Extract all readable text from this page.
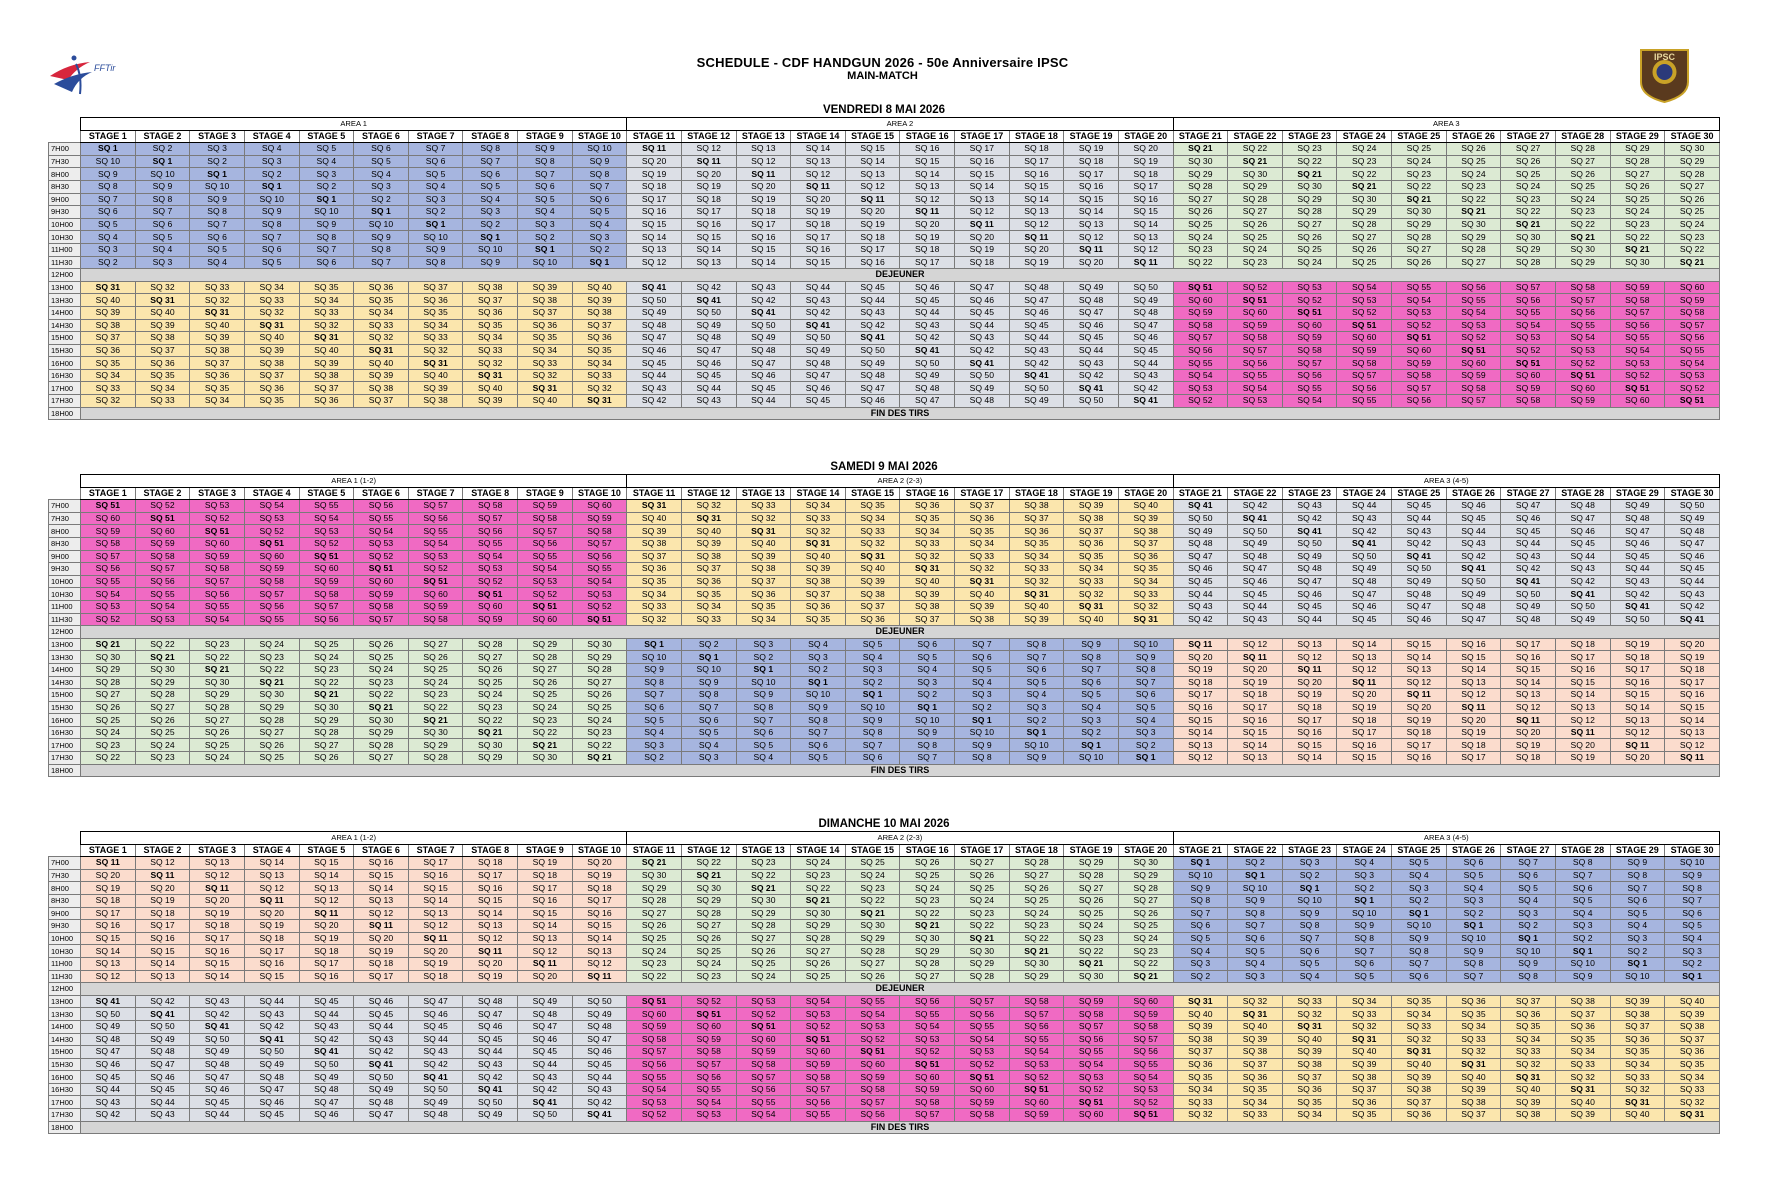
SCHEDULE - CDF HANDGUN 2026 - 50e Anniversaire IPSC
MAIN-MATCH
FFTir
IPSC
VENDREDI 8 MAI 2026
	AREA 1										AREA 2										AREA 3									
	STAGE 1	STAGE 2	STAGE 3	STAGE 4	STAGE 5	STAGE 6	STAGE 7	STAGE 8	STAGE 9	STAGE 10	STAGE 11	STAGE 12	STAGE 13	STAGE 14	STAGE 15	STAGE 16	STAGE 17	STAGE 18	STAGE 19	STAGE 20	STAGE 21	STAGE 22	STAGE 23	STAGE 24	STAGE 25	STAGE 26	STAGE 27	STAGE 28	STAGE 29	STAGE 30
7H00	SQ 1	SQ 2	SQ 3	SQ 4	SQ 5	SQ 6	SQ 7	SQ 8	SQ 9	SQ 10	SQ 11	SQ 12	SQ 13	SQ 14	SQ 15	SQ 16	SQ 17	SQ 18	SQ 19	SQ 20	SQ 21	SQ 22	SQ 23	SQ 24	SQ 25	SQ 26	SQ 27	SQ 28	SQ 29	SQ 30
7H30	SQ 10	SQ 1	SQ 2	SQ 3	SQ 4	SQ 5	SQ 6	SQ 7	SQ 8	SQ 9	SQ 20	SQ 11	SQ 12	SQ 13	SQ 14	SQ 15	SQ 16	SQ 17	SQ 18	SQ 19	SQ 30	SQ 21	SQ 22	SQ 23	SQ 24	SQ 25	SQ 26	SQ 27	SQ 28	SQ 29
8H00	SQ 9	SQ 10	SQ 1	SQ 2	SQ 3	SQ 4	SQ 5	SQ 6	SQ 7	SQ 8	SQ 19	SQ 20	SQ 11	SQ 12	SQ 13	SQ 14	SQ 15	SQ 16	SQ 17	SQ 18	SQ 29	SQ 30	SQ 21	SQ 22	SQ 23	SQ 24	SQ 25	SQ 26	SQ 27	SQ 28
8H30	SQ 8	SQ 9	SQ 10	SQ 1	SQ 2	SQ 3	SQ 4	SQ 5	SQ 6	SQ 7	SQ 18	SQ 19	SQ 20	SQ 11	SQ 12	SQ 13	SQ 14	SQ 15	SQ 16	SQ 17	SQ 28	SQ 29	SQ 30	SQ 21	SQ 22	SQ 23	SQ 24	SQ 25	SQ 26	SQ 27
9H00	SQ 7	SQ 8	SQ 9	SQ 10	SQ 1	SQ 2	SQ 3	SQ 4	SQ 5	SQ 6	SQ 17	SQ 18	SQ 19	SQ 20	SQ 11	SQ 12	SQ 13	SQ 14	SQ 15	SQ 16	SQ 27	SQ 28	SQ 29	SQ 30	SQ 21	SQ 22	SQ 23	SQ 24	SQ 25	SQ 26
9H30	SQ 6	SQ 7	SQ 8	SQ 9	SQ 10	SQ 1	SQ 2	SQ 3	SQ 4	SQ 5	SQ 16	SQ 17	SQ 18	SQ 19	SQ 20	SQ 11	SQ 12	SQ 13	SQ 14	SQ 15	SQ 26	SQ 27	SQ 28	SQ 29	SQ 30	SQ 21	SQ 22	SQ 23	SQ 24	SQ 25
10H00	SQ 5	SQ 6	SQ 7	SQ 8	SQ 9	SQ 10	SQ 1	SQ 2	SQ 3	SQ 4	SQ 15	SQ 16	SQ 17	SQ 18	SQ 19	SQ 20	SQ 11	SQ 12	SQ 13	SQ 14	SQ 25	SQ 26	SQ 27	SQ 28	SQ 29	SQ 30	SQ 21	SQ 22	SQ 23	SQ 24
10H30	SQ 4	SQ 5	SQ 6	SQ 7	SQ 8	SQ 9	SQ 10	SQ 1	SQ 2	SQ 3	SQ 14	SQ 15	SQ 16	SQ 17	SQ 18	SQ 19	SQ 20	SQ 11	SQ 12	SQ 13	SQ 24	SQ 25	SQ 26	SQ 27	SQ 28	SQ 29	SQ 30	SQ 21	SQ 22	SQ 23
11H00	SQ 3	SQ 4	SQ 5	SQ 6	SQ 7	SQ 8	SQ 9	SQ 10	SQ 1	SQ 2	SQ 13	SQ 14	SQ 15	SQ 16	SQ 17	SQ 18	SQ 19	SQ 20	SQ 11	SQ 12	SQ 23	SQ 24	SQ 25	SQ 26	SQ 27	SQ 28	SQ 29	SQ 30	SQ 21	SQ 22
11H30	SQ 2	SQ 3	SQ 4	SQ 5	SQ 6	SQ 7	SQ 8	SQ 9	SQ 10	SQ 1	SQ 12	SQ 13	SQ 14	SQ 15	SQ 16	SQ 17	SQ 18	SQ 19	SQ 20	SQ 11	SQ 22	SQ 23	SQ 24	SQ 25	SQ 26	SQ 27	SQ 28	SQ 29	SQ 30	SQ 21
12H00	DEJEUNER																													
13H00	SQ 31	SQ 32	SQ 33	SQ 34	SQ 35	SQ 36	SQ 37	SQ 38	SQ 39	SQ 40	SQ 41	SQ 42	SQ 43	SQ 44	SQ 45	SQ 46	SQ 47	SQ 48	SQ 49	SQ 50	SQ 51	SQ 52	SQ 53	SQ 54	SQ 55	SQ 56	SQ 57	SQ 58	SQ 59	SQ 60
13H30	SQ 40	SQ 31	SQ 32	SQ 33	SQ 34	SQ 35	SQ 36	SQ 37	SQ 38	SQ 39	SQ 50	SQ 41	SQ 42	SQ 43	SQ 44	SQ 45	SQ 46	SQ 47	SQ 48	SQ 49	SQ 60	SQ 51	SQ 52	SQ 53	SQ 54	SQ 55	SQ 56	SQ 57	SQ 58	SQ 59
14H00	SQ 39	SQ 40	SQ 31	SQ 32	SQ 33	SQ 34	SQ 35	SQ 36	SQ 37	SQ 38	SQ 49	SQ 50	SQ 41	SQ 42	SQ 43	SQ 44	SQ 45	SQ 46	SQ 47	SQ 48	SQ 59	SQ 60	SQ 51	SQ 52	SQ 53	SQ 54	SQ 55	SQ 56	SQ 57	SQ 58
14H30	SQ 38	SQ 39	SQ 40	SQ 31	SQ 32	SQ 33	SQ 34	SQ 35	SQ 36	SQ 37	SQ 48	SQ 49	SQ 50	SQ 41	SQ 42	SQ 43	SQ 44	SQ 45	SQ 46	SQ 47	SQ 58	SQ 59	SQ 60	SQ 51	SQ 52	SQ 53	SQ 54	SQ 55	SQ 56	SQ 57
15H00	SQ 37	SQ 38	SQ 39	SQ 40	SQ 31	SQ 32	SQ 33	SQ 34	SQ 35	SQ 36	SQ 47	SQ 48	SQ 49	SQ 50	SQ 41	SQ 42	SQ 43	SQ 44	SQ 45	SQ 46	SQ 57	SQ 58	SQ 59	SQ 60	SQ 51	SQ 52	SQ 53	SQ 54	SQ 55	SQ 56
15H30	SQ 36	SQ 37	SQ 38	SQ 39	SQ 40	SQ 31	SQ 32	SQ 33	SQ 34	SQ 35	SQ 46	SQ 47	SQ 48	SQ 49	SQ 50	SQ 41	SQ 42	SQ 43	SQ 44	SQ 45	SQ 56	SQ 57	SQ 58	SQ 59	SQ 60	SQ 51	SQ 52	SQ 53	SQ 54	SQ 55
16H00	SQ 35	SQ 36	SQ 37	SQ 38	SQ 39	SQ 40	SQ 31	SQ 32	SQ 33	SQ 34	SQ 45	SQ 46	SQ 47	SQ 48	SQ 49	SQ 50	SQ 41	SQ 42	SQ 43	SQ 44	SQ 55	SQ 56	SQ 57	SQ 58	SQ 59	SQ 60	SQ 51	SQ 52	SQ 53	SQ 54
16H30	SQ 34	SQ 35	SQ 36	SQ 37	SQ 38	SQ 39	SQ 40	SQ 31	SQ 32	SQ 33	SQ 44	SQ 45	SQ 46	SQ 47	SQ 48	SQ 49	SQ 50	SQ 41	SQ 42	SQ 43	SQ 54	SQ 55	SQ 56	SQ 57	SQ 58	SQ 59	SQ 60	SQ 51	SQ 52	SQ 53
17H00	SQ 33	SQ 34	SQ 35	SQ 36	SQ 37	SQ 38	SQ 39	SQ 40	SQ 31	SQ 32	SQ 43	SQ 44	SQ 45	SQ 46	SQ 47	SQ 48	SQ 49	SQ 50	SQ 41	SQ 42	SQ 53	SQ 54	SQ 55	SQ 56	SQ 57	SQ 58	SQ 59	SQ 60	SQ 51	SQ 52
17H30	SQ 32	SQ 33	SQ 34	SQ 35	SQ 36	SQ 37	SQ 38	SQ 39	SQ 40	SQ 31	SQ 42	SQ 43	SQ 44	SQ 45	SQ 46	SQ 47	SQ 48	SQ 49	SQ 50	SQ 41	SQ 52	SQ 53	SQ 54	SQ 55	SQ 56	SQ 57	SQ 58	SQ 59	SQ 60	SQ 51
18H00	FIN DES TIRS																													
SAMEDI 9 MAI 2026
	AREA 1 (1-2)										AREA 2 (2-3)										AREA 3 (4-5)									
	STAGE 1	STAGE 2	STAGE 3	STAGE 4	STAGE 5	STAGE 6	STAGE 7	STAGE 8	STAGE 9	STAGE 10	STAGE 11	STAGE 12	STAGE 13	STAGE 14	STAGE 15	STAGE 16	STAGE 17	STAGE 18	STAGE 19	STAGE 20	STAGE 21	STAGE 22	STAGE 23	STAGE 24	STAGE 25	STAGE 26	STAGE 27	STAGE 28	STAGE 29	STAGE 30
7H00	SQ 51	SQ 52	SQ 53	SQ 54	SQ 55	SQ 56	SQ 57	SQ 58	SQ 59	SQ 60	SQ 31	SQ 32	SQ 33	SQ 34	SQ 35	SQ 36	SQ 37	SQ 38	SQ 39	SQ 40	SQ 41	SQ 42	SQ 43	SQ 44	SQ 45	SQ 46	SQ 47	SQ 48	SQ 49	SQ 50
7H30	SQ 60	SQ 51	SQ 52	SQ 53	SQ 54	SQ 55	SQ 56	SQ 57	SQ 58	SQ 59	SQ 40	SQ 31	SQ 32	SQ 33	SQ 34	SQ 35	SQ 36	SQ 37	SQ 38	SQ 39	SQ 50	SQ 41	SQ 42	SQ 43	SQ 44	SQ 45	SQ 46	SQ 47	SQ 48	SQ 49
8H00	SQ 59	SQ 60	SQ 51	SQ 52	SQ 53	SQ 54	SQ 55	SQ 56	SQ 57	SQ 58	SQ 39	SQ 40	SQ 31	SQ 32	SQ 33	SQ 34	SQ 35	SQ 36	SQ 37	SQ 38	SQ 49	SQ 50	SQ 41	SQ 42	SQ 43	SQ 44	SQ 45	SQ 46	SQ 47	SQ 48
8H30	SQ 58	SQ 59	SQ 60	SQ 51	SQ 52	SQ 53	SQ 54	SQ 55	SQ 56	SQ 57	SQ 38	SQ 39	SQ 40	SQ 31	SQ 32	SQ 33	SQ 34	SQ 35	SQ 36	SQ 37	SQ 48	SQ 49	SQ 50	SQ 41	SQ 42	SQ 43	SQ 44	SQ 45	SQ 46	SQ 47
9H00	SQ 57	SQ 58	SQ 59	SQ 60	SQ 51	SQ 52	SQ 53	SQ 54	SQ 55	SQ 56	SQ 37	SQ 38	SQ 39	SQ 40	SQ 31	SQ 32	SQ 33	SQ 34	SQ 35	SQ 36	SQ 47	SQ 48	SQ 49	SQ 50	SQ 41	SQ 42	SQ 43	SQ 44	SQ 45	SQ 46
9H30	SQ 56	SQ 57	SQ 58	SQ 59	SQ 60	SQ 51	SQ 52	SQ 53	SQ 54	SQ 55	SQ 36	SQ 37	SQ 38	SQ 39	SQ 40	SQ 31	SQ 32	SQ 33	SQ 34	SQ 35	SQ 46	SQ 47	SQ 48	SQ 49	SQ 50	SQ 41	SQ 42	SQ 43	SQ 44	SQ 45
10H00	SQ 55	SQ 56	SQ 57	SQ 58	SQ 59	SQ 60	SQ 51	SQ 52	SQ 53	SQ 54	SQ 35	SQ 36	SQ 37	SQ 38	SQ 39	SQ 40	SQ 31	SQ 32	SQ 33	SQ 34	SQ 45	SQ 46	SQ 47	SQ 48	SQ 49	SQ 50	SQ 41	SQ 42	SQ 43	SQ 44
10H30	SQ 54	SQ 55	SQ 56	SQ 57	SQ 58	SQ 59	SQ 60	SQ 51	SQ 52	SQ 53	SQ 34	SQ 35	SQ 36	SQ 37	SQ 38	SQ 39	SQ 40	SQ 31	SQ 32	SQ 33	SQ 44	SQ 45	SQ 46	SQ 47	SQ 48	SQ 49	SQ 50	SQ 41	SQ 42	SQ 43
11H00	SQ 53	SQ 54	SQ 55	SQ 56	SQ 57	SQ 58	SQ 59	SQ 60	SQ 51	SQ 52	SQ 33	SQ 34	SQ 35	SQ 36	SQ 37	SQ 38	SQ 39	SQ 40	SQ 31	SQ 32	SQ 43	SQ 44	SQ 45	SQ 46	SQ 47	SQ 48	SQ 49	SQ 50	SQ 41	SQ 42
11H30	SQ 52	SQ 53	SQ 54	SQ 55	SQ 56	SQ 57	SQ 58	SQ 59	SQ 60	SQ 51	SQ 32	SQ 33	SQ 34	SQ 35	SQ 36	SQ 37	SQ 38	SQ 39	SQ 40	SQ 31	SQ 42	SQ 43	SQ 44	SQ 45	SQ 46	SQ 47	SQ 48	SQ 49	SQ 50	SQ 41
12H00	DEJEUNER																													
13H00	SQ 21	SQ 22	SQ 23	SQ 24	SQ 25	SQ 26	SQ 27	SQ 28	SQ 29	SQ 30	SQ 1	SQ 2	SQ 3	SQ 4	SQ 5	SQ 6	SQ 7	SQ 8	SQ 9	SQ 10	SQ 11	SQ 12	SQ 13	SQ 14	SQ 15	SQ 16	SQ 17	SQ 18	SQ 19	SQ 20
13H30	SQ 30	SQ 21	SQ 22	SQ 23	SQ 24	SQ 25	SQ 26	SQ 27	SQ 28	SQ 29	SQ 10	SQ 1	SQ 2	SQ 3	SQ 4	SQ 5	SQ 6	SQ 7	SQ 8	SQ 9	SQ 20	SQ 11	SQ 12	SQ 13	SQ 14	SQ 15	SQ 16	SQ 17	SQ 18	SQ 19
14H00	SQ 29	SQ 30	SQ 21	SQ 22	SQ 23	SQ 24	SQ 25	SQ 26	SQ 27	SQ 28	SQ 9	SQ 10	SQ 1	SQ 2	SQ 3	SQ 4	SQ 5	SQ 6	SQ 7	SQ 8	SQ 19	SQ 20	SQ 11	SQ 12	SQ 13	SQ 14	SQ 15	SQ 16	SQ 17	SQ 18
14H30	SQ 28	SQ 29	SQ 30	SQ 21	SQ 22	SQ 23	SQ 24	SQ 25	SQ 26	SQ 27	SQ 8	SQ 9	SQ 10	SQ 1	SQ 2	SQ 3	SQ 4	SQ 5	SQ 6	SQ 7	SQ 18	SQ 19	SQ 20	SQ 11	SQ 12	SQ 13	SQ 14	SQ 15	SQ 16	SQ 17
15H00	SQ 27	SQ 28	SQ 29	SQ 30	SQ 21	SQ 22	SQ 23	SQ 24	SQ 25	SQ 26	SQ 7	SQ 8	SQ 9	SQ 10	SQ 1	SQ 2	SQ 3	SQ 4	SQ 5	SQ 6	SQ 17	SQ 18	SQ 19	SQ 20	SQ 11	SQ 12	SQ 13	SQ 14	SQ 15	SQ 16
15H30	SQ 26	SQ 27	SQ 28	SQ 29	SQ 30	SQ 21	SQ 22	SQ 23	SQ 24	SQ 25	SQ 6	SQ 7	SQ 8	SQ 9	SQ 10	SQ 1	SQ 2	SQ 3	SQ 4	SQ 5	SQ 16	SQ 17	SQ 18	SQ 19	SQ 20	SQ 11	SQ 12	SQ 13	SQ 14	SQ 15
16H00	SQ 25	SQ 26	SQ 27	SQ 28	SQ 29	SQ 30	SQ 21	SQ 22	SQ 23	SQ 24	SQ 5	SQ 6	SQ 7	SQ 8	SQ 9	SQ 10	SQ 1	SQ 2	SQ 3	SQ 4	SQ 15	SQ 16	SQ 17	SQ 18	SQ 19	SQ 20	SQ 11	SQ 12	SQ 13	SQ 14
16H30	SQ 24	SQ 25	SQ 26	SQ 27	SQ 28	SQ 29	SQ 30	SQ 21	SQ 22	SQ 23	SQ 4	SQ 5	SQ 6	SQ 7	SQ 8	SQ 9	SQ 10	SQ 1	SQ 2	SQ 3	SQ 14	SQ 15	SQ 16	SQ 17	SQ 18	SQ 19	SQ 20	SQ 11	SQ 12	SQ 13
17H00	SQ 23	SQ 24	SQ 25	SQ 26	SQ 27	SQ 28	SQ 29	SQ 30	SQ 21	SQ 22	SQ 3	SQ 4	SQ 5	SQ 6	SQ 7	SQ 8	SQ 9	SQ 10	SQ 1	SQ 2	SQ 13	SQ 14	SQ 15	SQ 16	SQ 17	SQ 18	SQ 19	SQ 20	SQ 11	SQ 12
17H30	SQ 22	SQ 23	SQ 24	SQ 25	SQ 26	SQ 27	SQ 28	SQ 29	SQ 30	SQ 21	SQ 2	SQ 3	SQ 4	SQ 5	SQ 6	SQ 7	SQ 8	SQ 9	SQ 10	SQ 1	SQ 12	SQ 13	SQ 14	SQ 15	SQ 16	SQ 17	SQ 18	SQ 19	SQ 20	SQ 11
18H00	FIN DES TIRS																													
DIMANCHE 10 MAI 2026
	AREA 1 (1-2)										AREA 2 (2-3)										AREA 3 (4-5)									
	STAGE 1	STAGE 2	STAGE 3	STAGE 4	STAGE 5	STAGE 6	STAGE 7	STAGE 8	STAGE 9	STAGE 10	STAGE 11	STAGE 12	STAGE 13	STAGE 14	STAGE 15	STAGE 16	STAGE 17	STAGE 18	STAGE 19	STAGE 20	STAGE 21	STAGE 22	STAGE 23	STAGE 24	STAGE 25	STAGE 26	STAGE 27	STAGE 28	STAGE 29	STAGE 30
7H00	SQ 11	SQ 12	SQ 13	SQ 14	SQ 15	SQ 16	SQ 17	SQ 18	SQ 19	SQ 20	SQ 21	SQ 22	SQ 23	SQ 24	SQ 25	SQ 26	SQ 27	SQ 28	SQ 29	SQ 30	SQ 1	SQ 2	SQ 3	SQ 4	SQ 5	SQ 6	SQ 7	SQ 8	SQ 9	SQ 10
7H30	SQ 20	SQ 11	SQ 12	SQ 13	SQ 14	SQ 15	SQ 16	SQ 17	SQ 18	SQ 19	SQ 30	SQ 21	SQ 22	SQ 23	SQ 24	SQ 25	SQ 26	SQ 27	SQ 28	SQ 29	SQ 10	SQ 1	SQ 2	SQ 3	SQ 4	SQ 5	SQ 6	SQ 7	SQ 8	SQ 9
8H00	SQ 19	SQ 20	SQ 11	SQ 12	SQ 13	SQ 14	SQ 15	SQ 16	SQ 17	SQ 18	SQ 29	SQ 30	SQ 21	SQ 22	SQ 23	SQ 24	SQ 25	SQ 26	SQ 27	SQ 28	SQ 9	SQ 10	SQ 1	SQ 2	SQ 3	SQ 4	SQ 5	SQ 6	SQ 7	SQ 8
8H30	SQ 18	SQ 19	SQ 20	SQ 11	SQ 12	SQ 13	SQ 14	SQ 15	SQ 16	SQ 17	SQ 28	SQ 29	SQ 30	SQ 21	SQ 22	SQ 23	SQ 24	SQ 25	SQ 26	SQ 27	SQ 8	SQ 9	SQ 10	SQ 1	SQ 2	SQ 3	SQ 4	SQ 5	SQ 6	SQ 7
9H00	SQ 17	SQ 18	SQ 19	SQ 20	SQ 11	SQ 12	SQ 13	SQ 14	SQ 15	SQ 16	SQ 27	SQ 28	SQ 29	SQ 30	SQ 21	SQ 22	SQ 23	SQ 24	SQ 25	SQ 26	SQ 7	SQ 8	SQ 9	SQ 10	SQ 1	SQ 2	SQ 3	SQ 4	SQ 5	SQ 6
9H30	SQ 16	SQ 17	SQ 18	SQ 19	SQ 20	SQ 11	SQ 12	SQ 13	SQ 14	SQ 15	SQ 26	SQ 27	SQ 28	SQ 29	SQ 30	SQ 21	SQ 22	SQ 23	SQ 24	SQ 25	SQ 6	SQ 7	SQ 8	SQ 9	SQ 10	SQ 1	SQ 2	SQ 3	SQ 4	SQ 5
10H00	SQ 15	SQ 16	SQ 17	SQ 18	SQ 19	SQ 20	SQ 11	SQ 12	SQ 13	SQ 14	SQ 25	SQ 26	SQ 27	SQ 28	SQ 29	SQ 30	SQ 21	SQ 22	SQ 23	SQ 24	SQ 5	SQ 6	SQ 7	SQ 8	SQ 9	SQ 10	SQ 1	SQ 2	SQ 3	SQ 4
10H30	SQ 14	SQ 15	SQ 16	SQ 17	SQ 18	SQ 19	SQ 20	SQ 11	SQ 12	SQ 13	SQ 24	SQ 25	SQ 26	SQ 27	SQ 28	SQ 29	SQ 30	SQ 21	SQ 22	SQ 23	SQ 4	SQ 5	SQ 6	SQ 7	SQ 8	SQ 9	SQ 10	SQ 1	SQ 2	SQ 3
11H00	SQ 13	SQ 14	SQ 15	SQ 16	SQ 17	SQ 18	SQ 19	SQ 20	SQ 11	SQ 12	SQ 23	SQ 24	SQ 25	SQ 26	SQ 27	SQ 28	SQ 29	SQ 30	SQ 21	SQ 22	SQ 3	SQ 4	SQ 5	SQ 6	SQ 7	SQ 8	SQ 9	SQ 10	SQ 1	SQ 2
11H30	SQ 12	SQ 13	SQ 14	SQ 15	SQ 16	SQ 17	SQ 18	SQ 19	SQ 20	SQ 11	SQ 22	SQ 23	SQ 24	SQ 25	SQ 26	SQ 27	SQ 28	SQ 29	SQ 30	SQ 21	SQ 2	SQ 3	SQ 4	SQ 5	SQ 6	SQ 7	SQ 8	SQ 9	SQ 10	SQ 1
12H00	DEJEUNER																													
13H00	SQ 41	SQ 42	SQ 43	SQ 44	SQ 45	SQ 46	SQ 47	SQ 48	SQ 49	SQ 50	SQ 51	SQ 52	SQ 53	SQ 54	SQ 55	SQ 56	SQ 57	SQ 58	SQ 59	SQ 60	SQ 31	SQ 32	SQ 33	SQ 34	SQ 35	SQ 36	SQ 37	SQ 38	SQ 39	SQ 40
13H30	SQ 50	SQ 41	SQ 42	SQ 43	SQ 44	SQ 45	SQ 46	SQ 47	SQ 48	SQ 49	SQ 60	SQ 51	SQ 52	SQ 53	SQ 54	SQ 55	SQ 56	SQ 57	SQ 58	SQ 59	SQ 40	SQ 31	SQ 32	SQ 33	SQ 34	SQ 35	SQ 36	SQ 37	SQ 38	SQ 39
14H00	SQ 49	SQ 50	SQ 41	SQ 42	SQ 43	SQ 44	SQ 45	SQ 46	SQ 47	SQ 48	SQ 59	SQ 60	SQ 51	SQ 52	SQ 53	SQ 54	SQ 55	SQ 56	SQ 57	SQ 58	SQ 39	SQ 40	SQ 31	SQ 32	SQ 33	SQ 34	SQ 35	SQ 36	SQ 37	SQ 38
14H30	SQ 48	SQ 49	SQ 50	SQ 41	SQ 42	SQ 43	SQ 44	SQ 45	SQ 46	SQ 47	SQ 58	SQ 59	SQ 60	SQ 51	SQ 52	SQ 53	SQ 54	SQ 55	SQ 56	SQ 57	SQ 38	SQ 39	SQ 40	SQ 31	SQ 32	SQ 33	SQ 34	SQ 35	SQ 36	SQ 37
15H00	SQ 47	SQ 48	SQ 49	SQ 50	SQ 41	SQ 42	SQ 43	SQ 44	SQ 45	SQ 46	SQ 57	SQ 58	SQ 59	SQ 60	SQ 51	SQ 52	SQ 53	SQ 54	SQ 55	SQ 56	SQ 37	SQ 38	SQ 39	SQ 40	SQ 31	SQ 32	SQ 33	SQ 34	SQ 35	SQ 36
15H30	SQ 46	SQ 47	SQ 48	SQ 49	SQ 50	SQ 41	SQ 42	SQ 43	SQ 44	SQ 45	SQ 56	SQ 57	SQ 58	SQ 59	SQ 60	SQ 51	SQ 52	SQ 53	SQ 54	SQ 55	SQ 36	SQ 37	SQ 38	SQ 39	SQ 40	SQ 31	SQ 32	SQ 33	SQ 34	SQ 35
16H00	SQ 45	SQ 46	SQ 47	SQ 48	SQ 49	SQ 50	SQ 41	SQ 42	SQ 43	SQ 44	SQ 55	SQ 56	SQ 57	SQ 58	SQ 59	SQ 60	SQ 51	SQ 52	SQ 53	SQ 54	SQ 35	SQ 36	SQ 37	SQ 38	SQ 39	SQ 40	SQ 31	SQ 32	SQ 33	SQ 34
16H30	SQ 44	SQ 45	SQ 46	SQ 47	SQ 48	SQ 49	SQ 50	SQ 41	SQ 42	SQ 43	SQ 54	SQ 55	SQ 56	SQ 57	SQ 58	SQ 59	SQ 60	SQ 51	SQ 52	SQ 53	SQ 34	SQ 35	SQ 36	SQ 37	SQ 38	SQ 39	SQ 40	SQ 31	SQ 32	SQ 33
17H00	SQ 43	SQ 44	SQ 45	SQ 46	SQ 47	SQ 48	SQ 49	SQ 50	SQ 41	SQ 42	SQ 53	SQ 54	SQ 55	SQ 56	SQ 57	SQ 58	SQ 59	SQ 60	SQ 51	SQ 52	SQ 33	SQ 34	SQ 35	SQ 36	SQ 37	SQ 38	SQ 39	SQ 40	SQ 31	SQ 32
17H30	SQ 42	SQ 43	SQ 44	SQ 45	SQ 46	SQ 47	SQ 48	SQ 49	SQ 50	SQ 41	SQ 52	SQ 53	SQ 54	SQ 55	SQ 56	SQ 57	SQ 58	SQ 59	SQ 60	SQ 51	SQ 32	SQ 33	SQ 34	SQ 35	SQ 36	SQ 37	SQ 38	SQ 39	SQ 40	SQ 31
18H00	FIN DES TIRS																													
